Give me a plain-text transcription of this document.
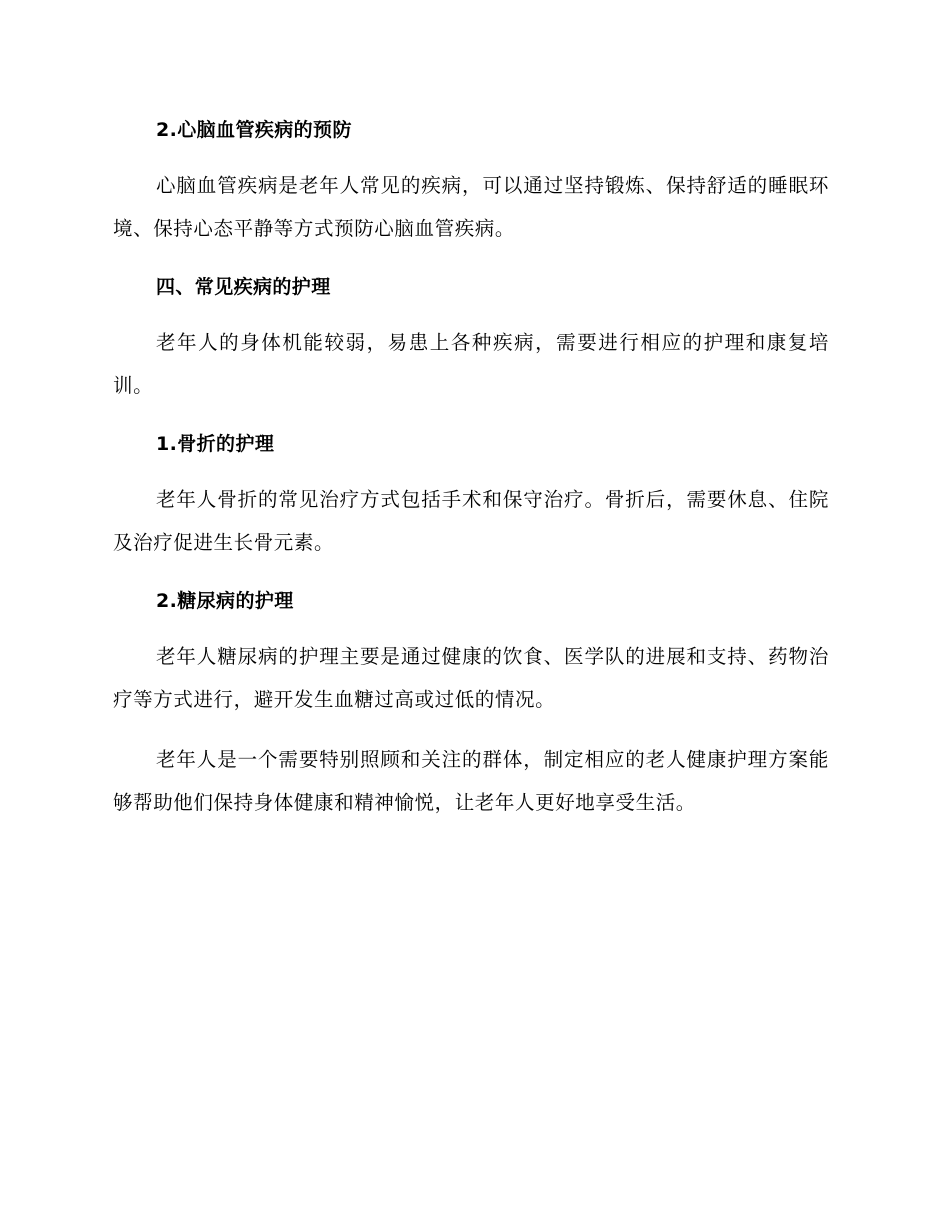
2.心脑血管疾病的预防

心脑血管疾病是老年人常见的疾病，可以通过坚持锻炼、保持舒适的睡眠环境、保持心态平静等方式预防心脑血管疾病。

四、常见疾病的护理

老年人的身体机能较弱，易患上各种疾病，需要进行相应的护理和康复培训。

1.骨折的护理

老年人骨折的常见治疗方式包括手术和保守治疗。骨折后，需要休息、住院及治疗促进生长骨元素。

2.糖尿病的护理

老年人糖尿病的护理主要是通过健康的饮食、医学队的进展和支持、药物治疗等方式进行，避开发生血糖过高或过低的情况。

老年人是一个需要特别照顾和关注的群体，制定相应的老人健康护理方案能够帮助他们保持身体健康和精神愉悦，让老年人更好地享受生活。
